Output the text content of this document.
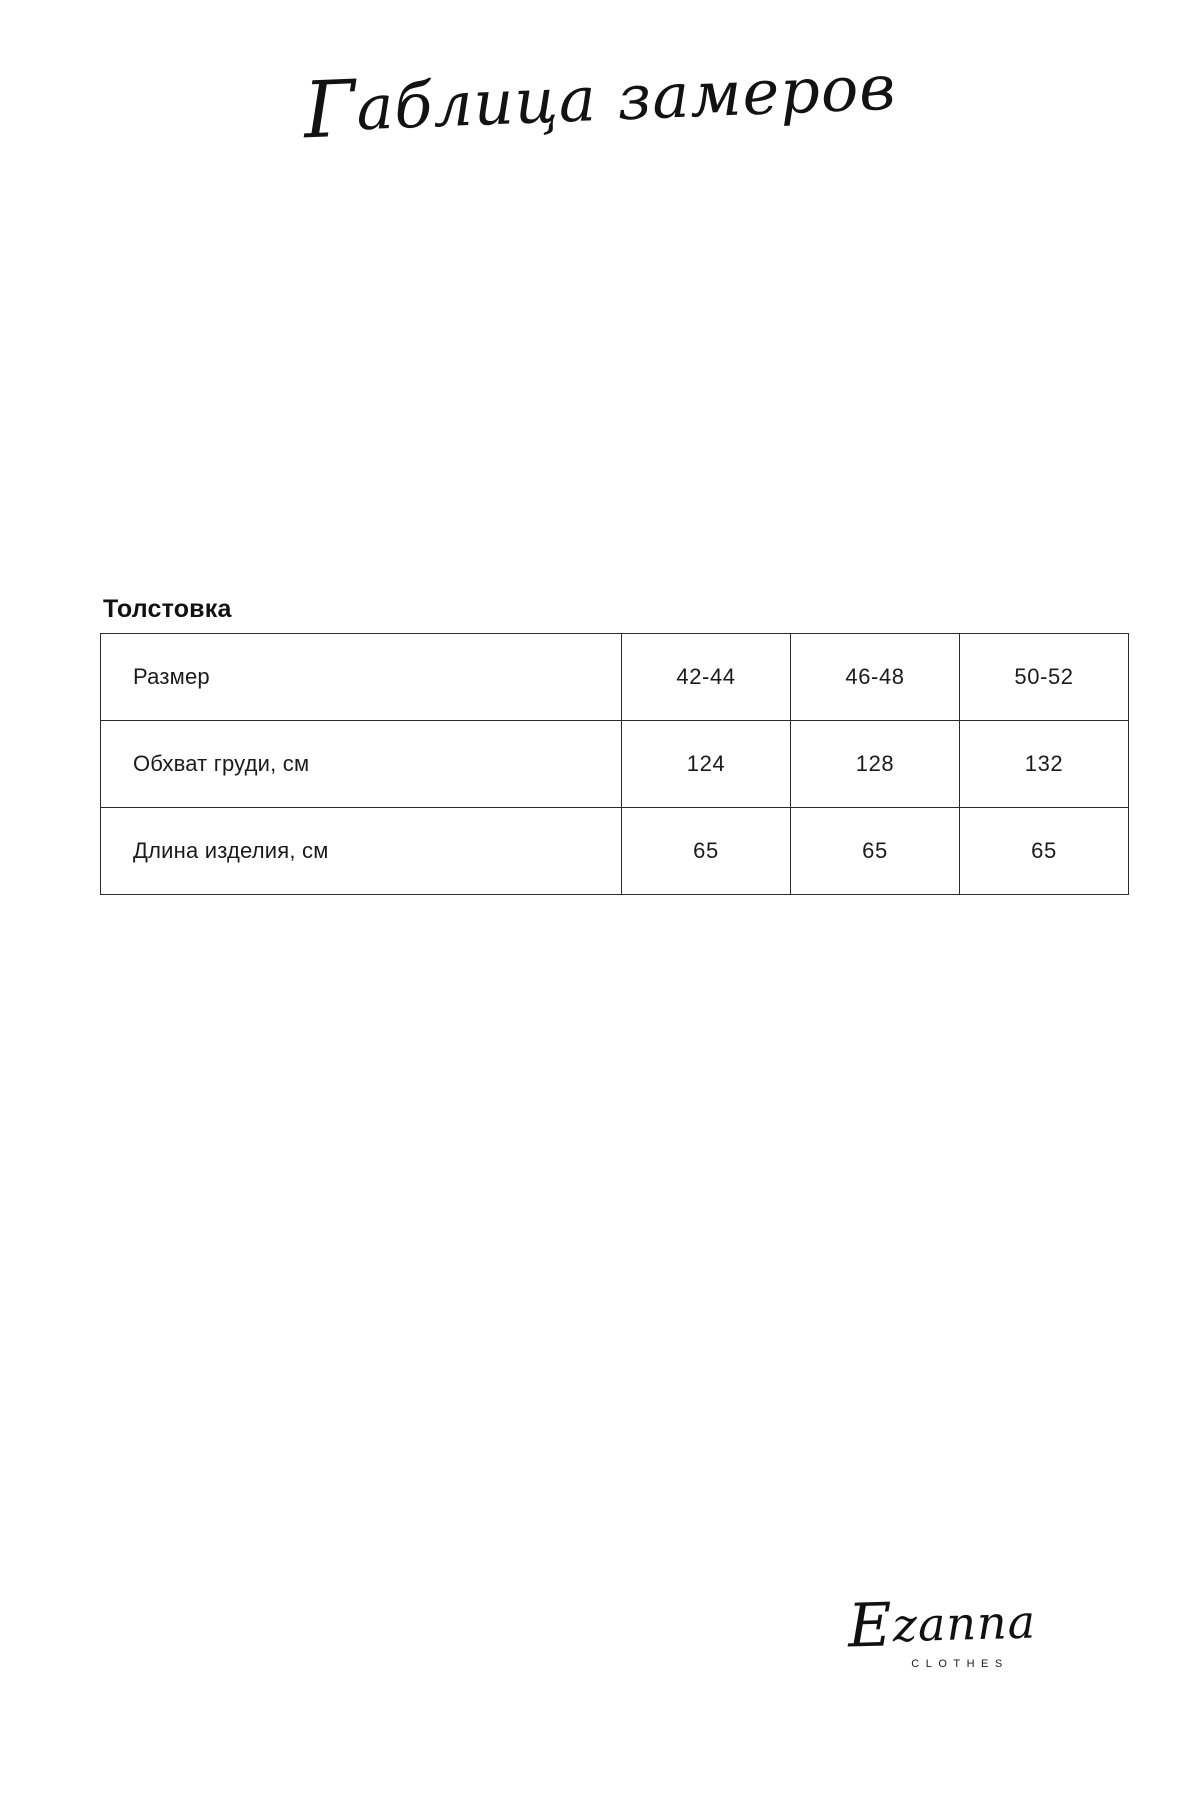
Габлица замеров
Толстовка
Размер	42-44	46-48	50-52
Обхват груди, см	124	128	132
Длина изделия, см	65	65	65
Ezanna
CLOTHES
